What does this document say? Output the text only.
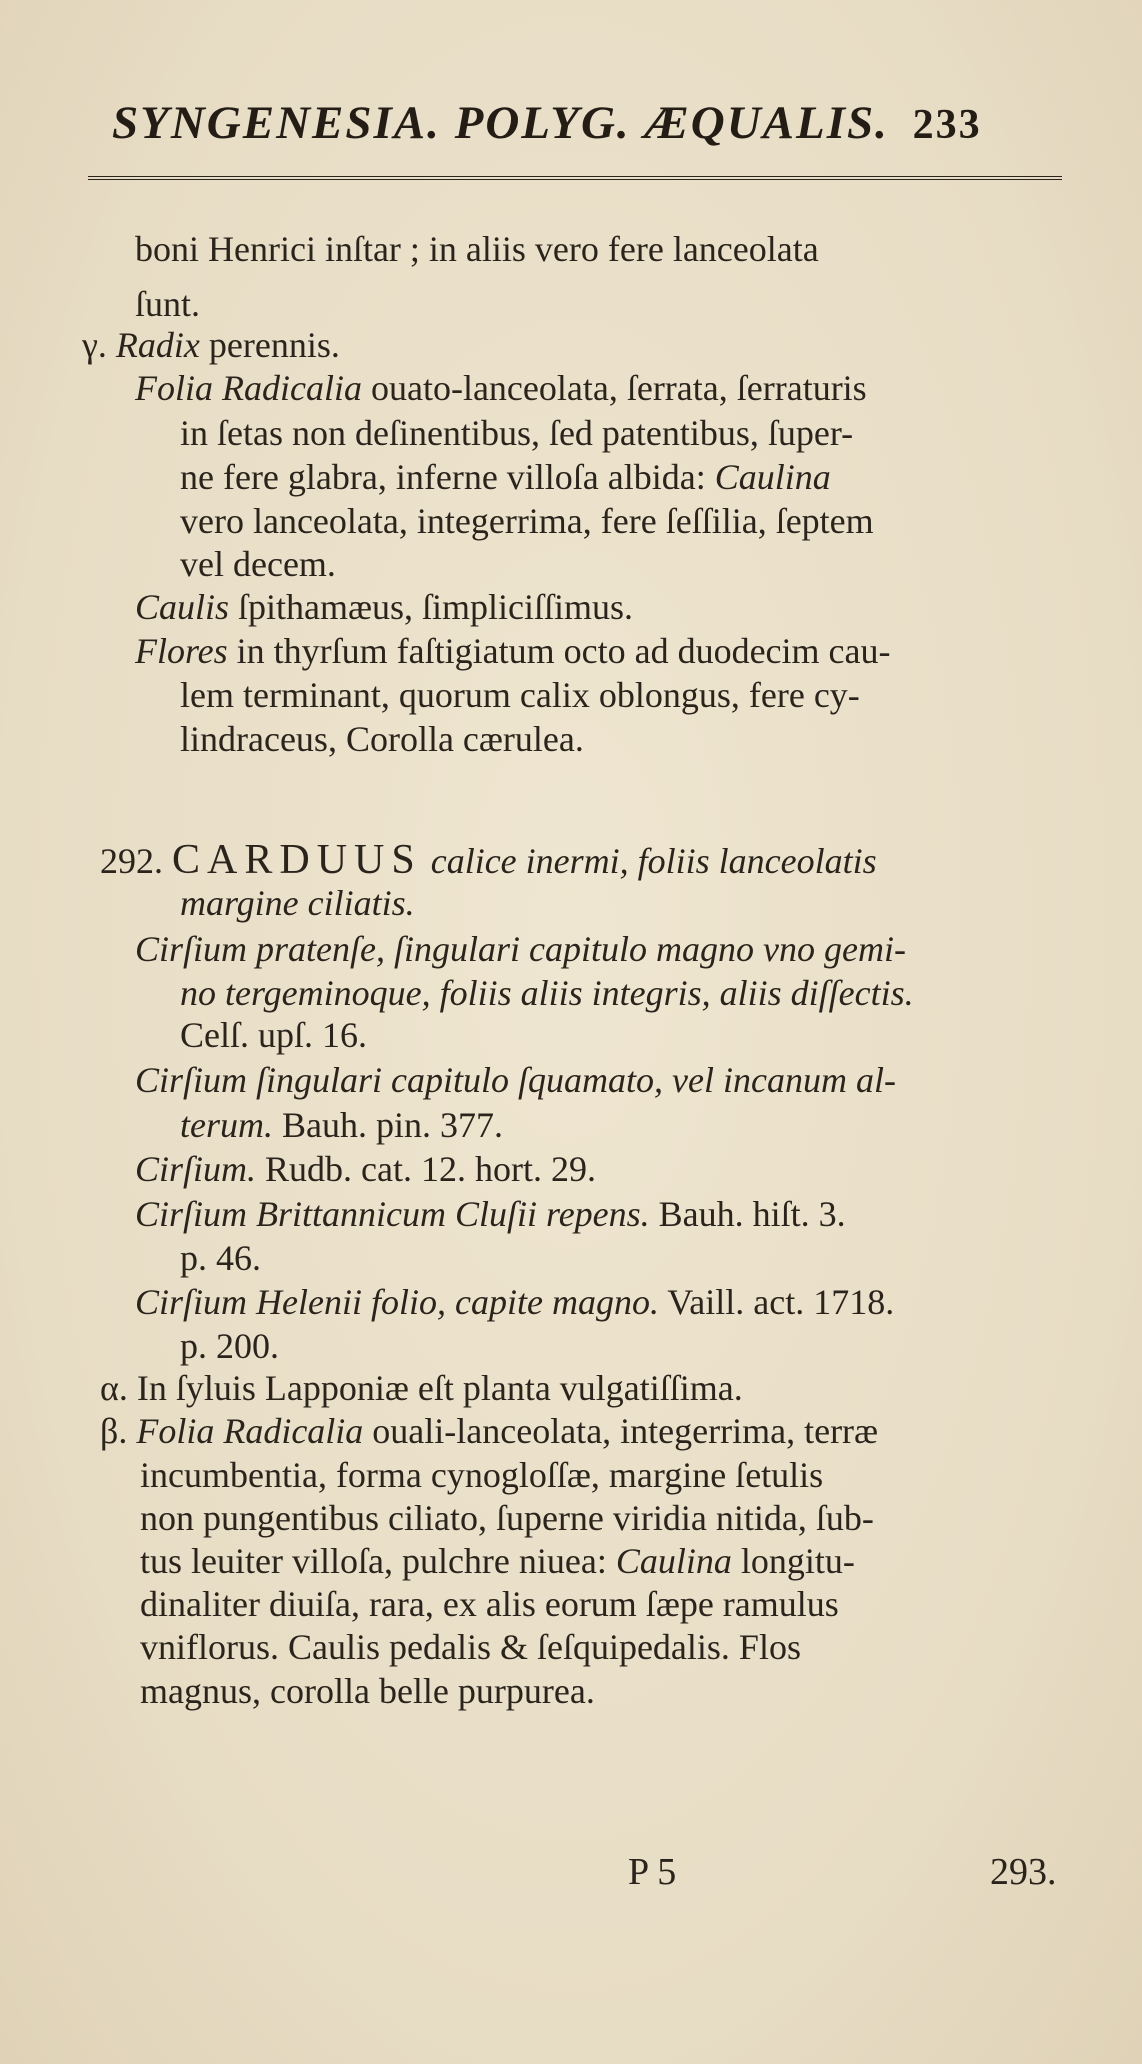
SYNGENESIA. POLYG. ÆQUALIS. 233
boni Henrici inſtar ; in aliis vero fere lanceolata
ſunt.
γ. Radix perennis.
Folia Radicalia ouato-lanceolata, ſerrata, ſerraturis
in ſetas non deſinentibus, ſed patentibus, ſuper-
ne fere glabra, inferne villoſa albida: Caulina
vero lanceolata, integerrima, fere ſeſſilia, ſeptem
vel decem.
Caulis ſpithamæus, ſimpliciſſimus.
Flores in thyrſum faſtigiatum octo ad duodecim cau-
lem terminant, quorum calix oblongus, fere cy-
lindraceus, Corolla cærulea.
292. CARDUUS calice inermi, foliis lanceolatis
margine ciliatis.
Cirſium pratenſe, ſingulari capitulo magno vno gemi-
no tergeminoque, foliis aliis integris, aliis diſſectis.
Celſ. upſ. 16.
Cirſium ſingulari capitulo ſquamato, vel incanum al-
terum. Bauh. pin. 377.
Cirſium. Rudb. cat. 12. hort. 29.
Cirſium Brittannicum Cluſii repens. Bauh. hiſt. 3.
p. 46.
Cirſium Helenii folio, capite magno. Vaill. act. 1718.
p. 200.
α. In ſyluis Lapponiæ eſt planta vulgatiſſima.
β. Folia Radicalia ouali-lanceolata, integerrima, terræ
incumbentia, forma cynogloſſæ, margine ſetulis
non pungentibus ciliato, ſuperne viridia nitida, ſub-
tus leuiter villoſa, pulchre niuea: Caulina longitu-
dinaliter diuiſa, rara, ex alis eorum ſæpe ramulus
vniflorus. Caulis pedalis & ſeſquipedalis. Flos
magnus, corolla belle purpurea.
P 5	293.
